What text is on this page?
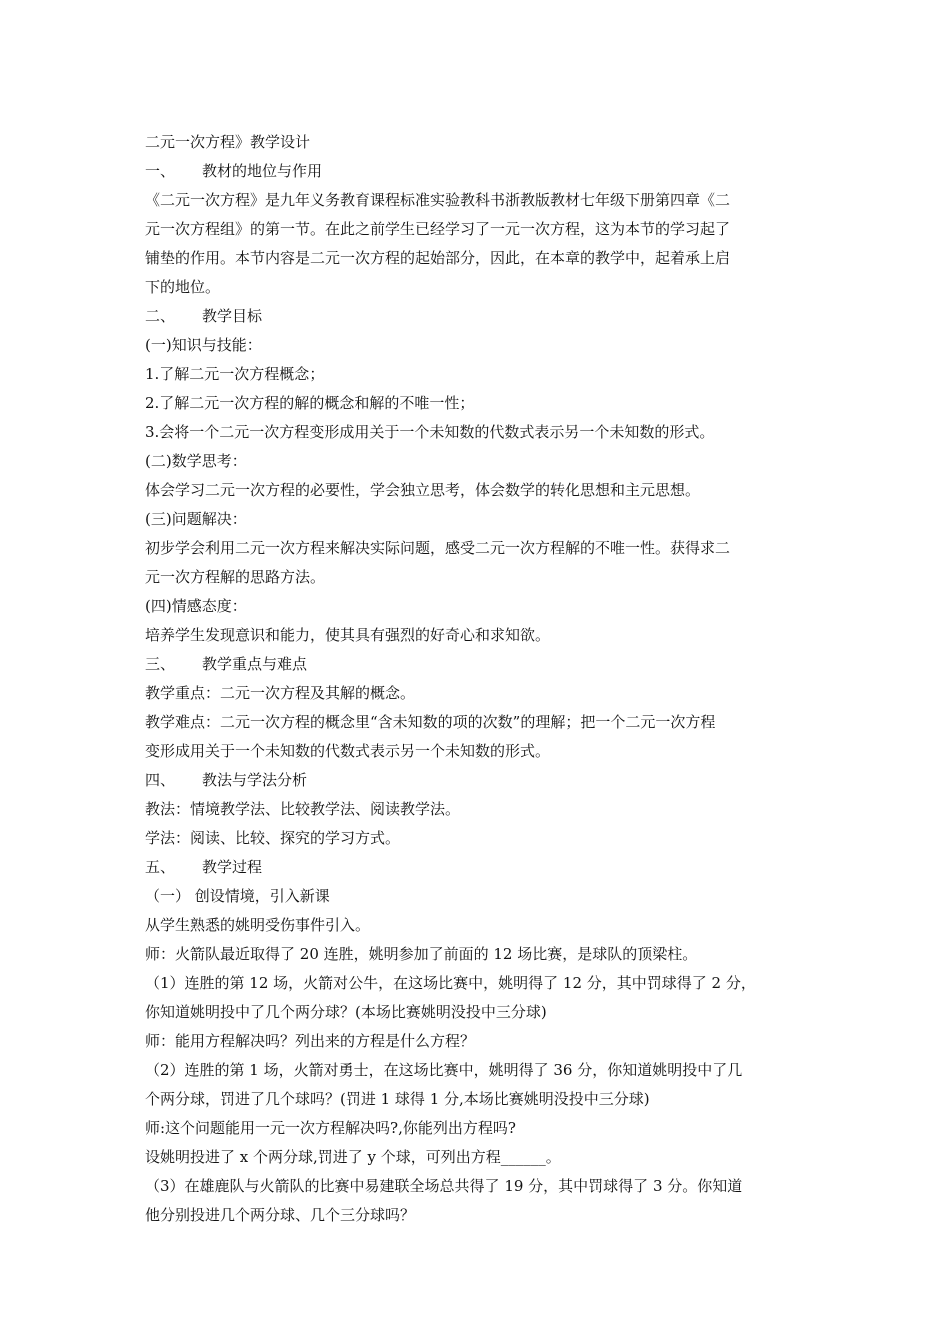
二元一次方程》教学设计
一、 教材的地位与作用
《二元一次方程》是九年义务教育课程标准实验教科书浙教版教材七年级下册第四章《二
元一次方程组》的第一节。在此之前学生已经学习了一元一次方程，这为本节的学习起了
铺垫的作用。本节内容是二元一次方程的起始部分，因此，在本章的教学中，起着承上启
下的地位。
二、 教学目标
(一)知识与技能：
1.了解二元一次方程概念；
2.了解二元一次方程的解的概念和解的不唯一性；
3.会将一个二元一次方程变形成用关于一个未知数的代数式表示另一个未知数的形式。
(二)数学思考：
体会学习二元一次方程的必要性，学会独立思考，体会数学的转化思想和主元思想。
(三)问题解决：
初步学会利用二元一次方程来解决实际问题，感受二元一次方程解的不唯一性。获得求二
元一次方程解的思路方法。
(四)情感态度：
培养学生发现意识和能力，使其具有强烈的好奇心和求知欲。
三、 教学重点与难点
教学重点：二元一次方程及其解的概念。
教学难点：二元一次方程的概念里“含未知数的项的次数”的理解；把一个二元一次方程
变形成用关于一个未知数的代数式表示另一个未知数的形式。
四、 教法与学法分析
教法：情境教学法、比较教学法、阅读教学法。
学法：阅读、比较、探究的学习方式。
五、 教学过程
（一） 创设情境，引入新课
从学生熟悉的姚明受伤事件引入。
师：火箭队最近取得了 20 连胜，姚明参加了前面的 12 场比赛，是球队的顶梁柱。
（1）连胜的第 12 场，火箭对公牛，在这场比赛中，姚明得了 12 分，其中罚球得了 2 分，
你知道姚明投中了几个两分球？(本场比赛姚明没投中三分球)
师：能用方程解决吗？列出来的方程是什么方程？
（2）连胜的第 1 场，火箭对勇士，在这场比赛中，姚明得了 36 分，你知道姚明投中了几
个两分球，罚进了几个球吗？(罚进 1 球得 1 分,本场比赛姚明没投中三分球)
师:这个问题能用一元一次方程解决吗?,你能列出方程吗?
设姚明投进了 x 个两分球,罚进了 y 个球，可列出方程______。
（3）在雄鹿队与火箭队的比赛中易建联全场总共得了 19 分，其中罚球得了 3 分。你知道
他分别投进几个两分球、几个三分球吗？
